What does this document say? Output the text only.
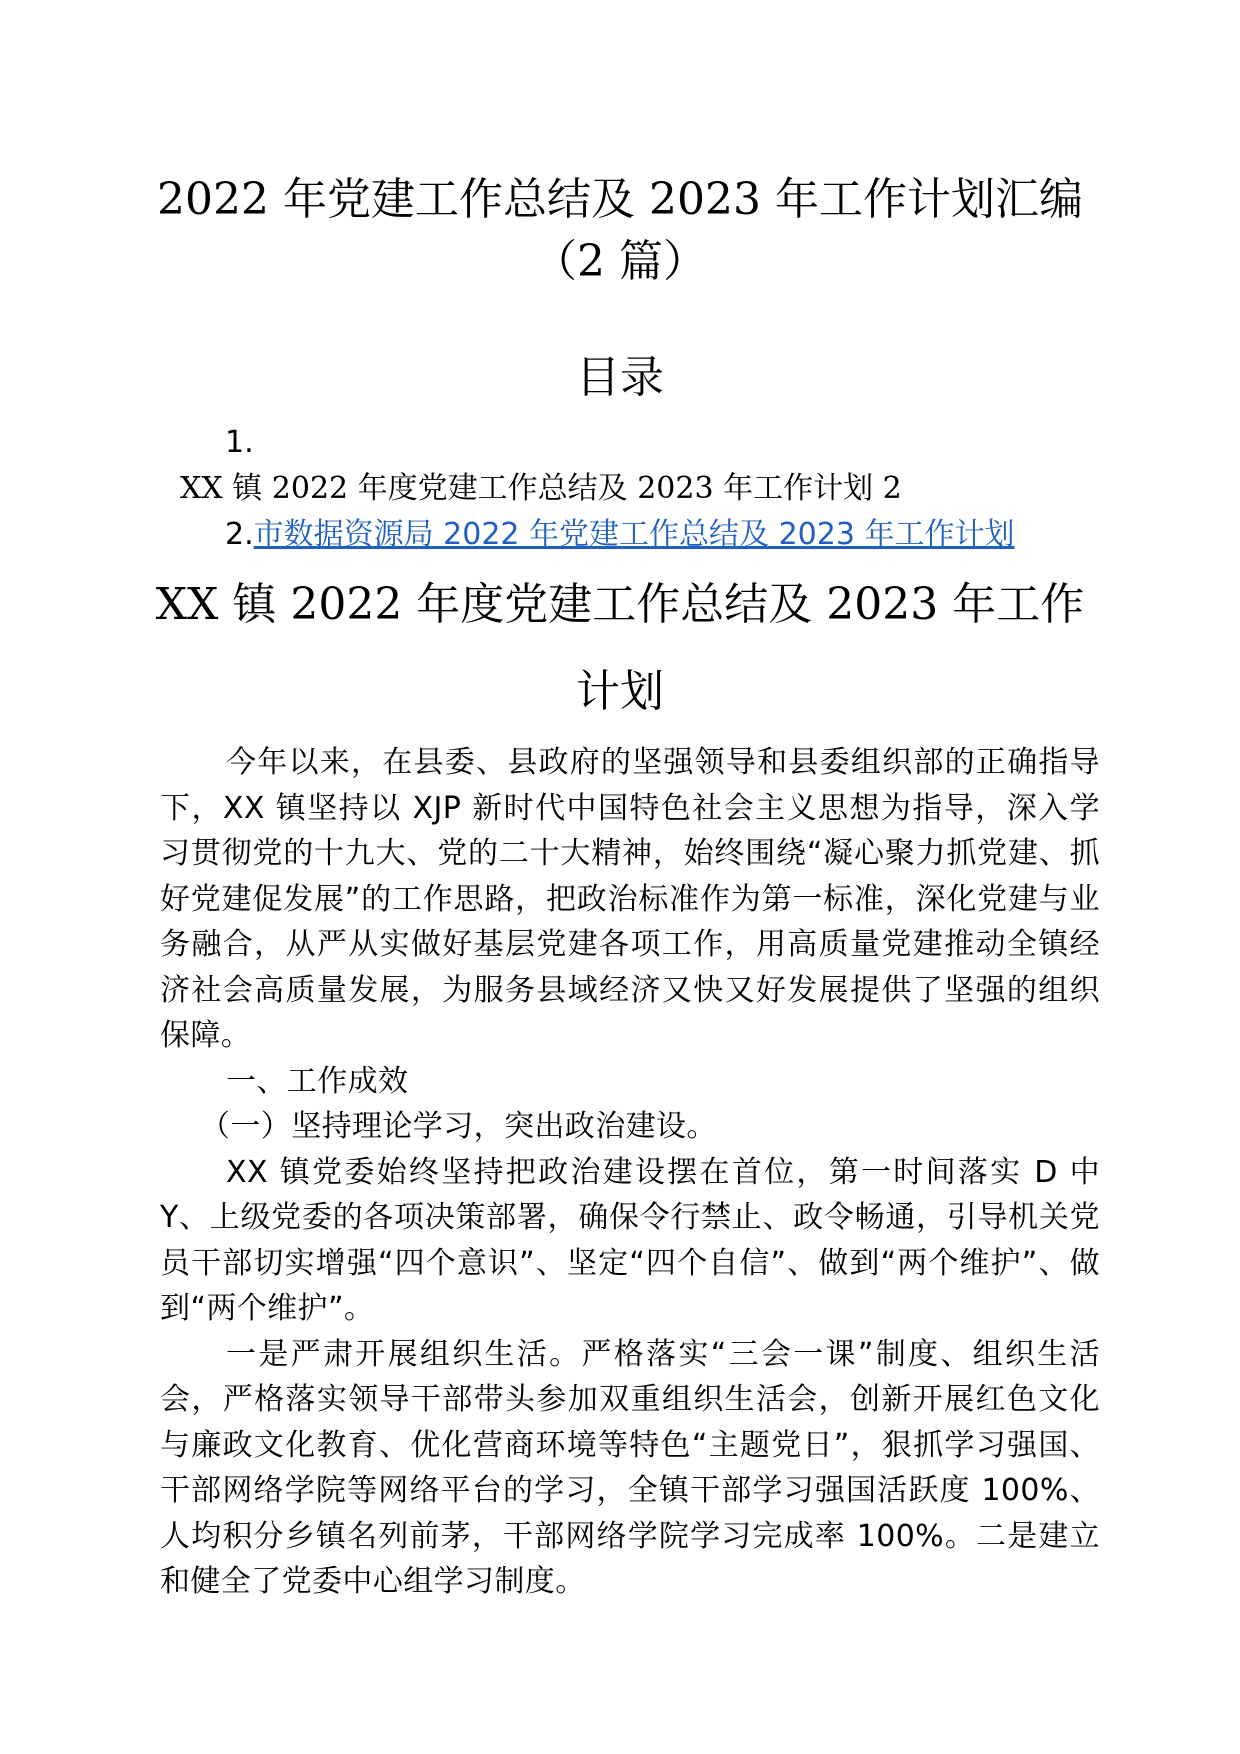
2022 年党建工作总结及 2023 年工作计划汇编
（2 篇）
目录
1.
XX 镇 2022 年度党建工作总结及 2023 年工作计划 2
2.市数据资源局 2022 年党建工作总结及 2023 年工作计划
XX 镇 2022 年度党建工作总结及 2023 年工作
计划

今年以来，在县委、县政府的坚强领导和县委组织部的正确指导下，XX 镇坚持以 XJP 新时代中国特色社会主义思想为指导，深入学习贯彻党的十九大、党的二十大精神，始终围绕“凝心聚力抓党建、抓好党建促发展”的工作思路，把政治标准作为第一标准，深化党建与业务融合，从严从实做好基层党建各项工作，用高质量党建推动全镇经济社会高质量发展，为服务县域经济又快又好发展提供了坚强的组织保障。

一、工作成效

（一）坚持理论学习，突出政治建设。

XX 镇党委始终坚持把政治建设摆在首位，第一时间落实 D 中 Y、上级党委的各项决策部署，确保令行禁止、政令畅通，引导机关党员干部切实增强“四个意识”、坚定“四个自信”、做到“两个维护”、做到“两个维护”。

一是严肃开展组织生活。严格落实“三会一课”制度、组织生活会，严格落实领导干部带头参加双重组织生活会，创新开展红色文化与廉政文化教育、优化营商环境等特色“主题党日”，狠抓学习强国、干部网络学院等网络平台的学习，全镇干部学习强国活跃度 100%、人均积分乡镇名列前茅，干部网络学院学习完成率 100%。二是建立和健全了党委中心组学习制度。
